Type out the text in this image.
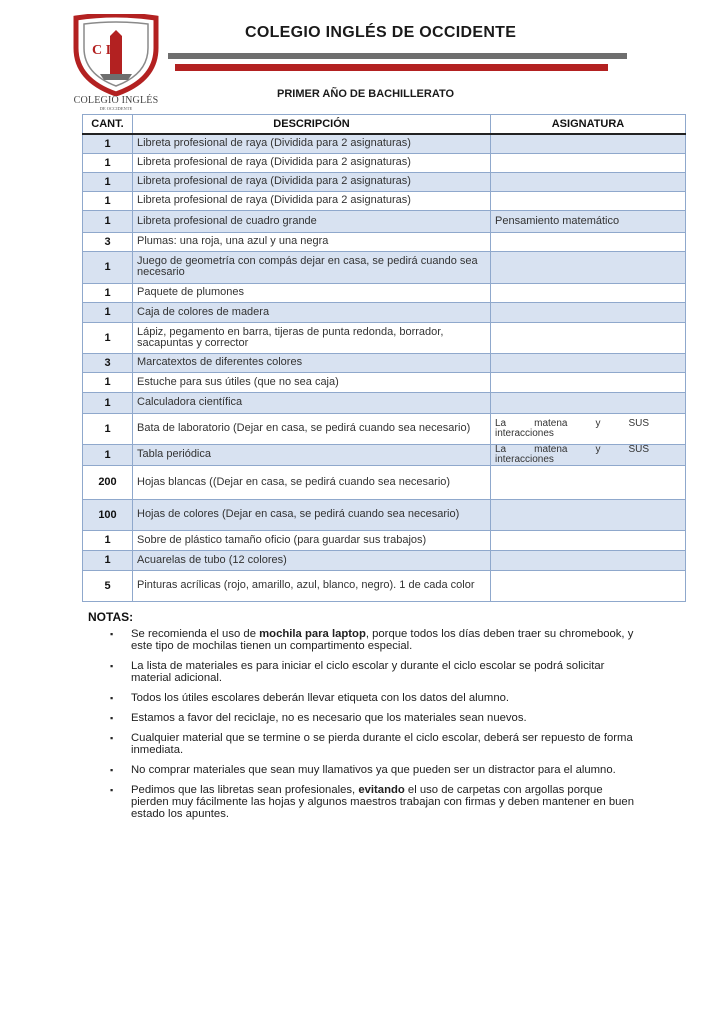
C I
COLEGIO INGLÉS
DE OCCIDENTE
COLEGIO INGLÉS DE OCCIDENTE
PRIMER AÑO DE BACHILLERATO
CANT.	DESCRIPCIÓN	ASIGNATURA
1	Libreta profesional de raya (Dividida para 2 asignaturas)	
1	Libreta profesional de raya (Dividida para 2 asignaturas)	
1	Libreta profesional de raya (Dividida para 2 asignaturas)	
1	Libreta profesional de raya (Dividida para 2 asignaturas)	
1	Libreta profesional de cuadro grande	Pensamiento matemático
3	Plumas: una roja, una azul y una negra	
1	Juego de geometría con compás dejar en casa, se pedirá cuando sea necesario	
1	Paquete de plumones	
1	Caja de colores de madera	
1	Lápiz, pegamento en barra, tijeras de punta redonda, borrador, sacapuntas y corrector	
3	Marcatextos de diferentes colores	
1	Estuche para sus útiles (que no sea caja)	
1	Calculadora científica	
1	Bata de laboratorio (Dejar en casa, se pedirá cuando sea necesario)	La matena y SUS
interacciones

1	Tabla periódica	La matena y SUS
interacciones

200	Hojas blancas ((Dejar en casa, se pedirá cuando sea necesario)	
100	Hojas de colores (Dejar en casa, se pedirá cuando sea necesario)	
1	Sobre de plástico tamaño oficio (para guardar sus trabajos)	
1	Acuarelas de tubo (12 colores)	
5	Pinturas acrílicas (rojo, amarillo, azul, blanco, negro). 1 de cada color	
NOTAS:
▪ Se recomienda el uso de mochila para laptop, porque todos los días deben traer su chromebook, y este tipo de mochilas tienen un compartimento especial.
▪ La lista de materiales es para iniciar el ciclo escolar y durante el ciclo escolar se podrá solicitar material adicional.
▪ Todos los útiles escolares deberán llevar etiqueta con los datos del alumno.
▪ Estamos a favor del reciclaje, no es necesario que los materiales sean nuevos.
▪ Cualquier material que se termine o se pierda durante el ciclo escolar, deberá ser repuesto de forma inmediata.
▪ No comprar materiales que sean muy llamativos ya que pueden ser un distractor para el alumno.
▪ Pedimos que las libretas sean profesionales, evitando el uso de carpetas con argollas porque pierden muy fácilmente las hojas y algunos maestros trabajan con firmas y deben mantener en buen estado los apuntes.
